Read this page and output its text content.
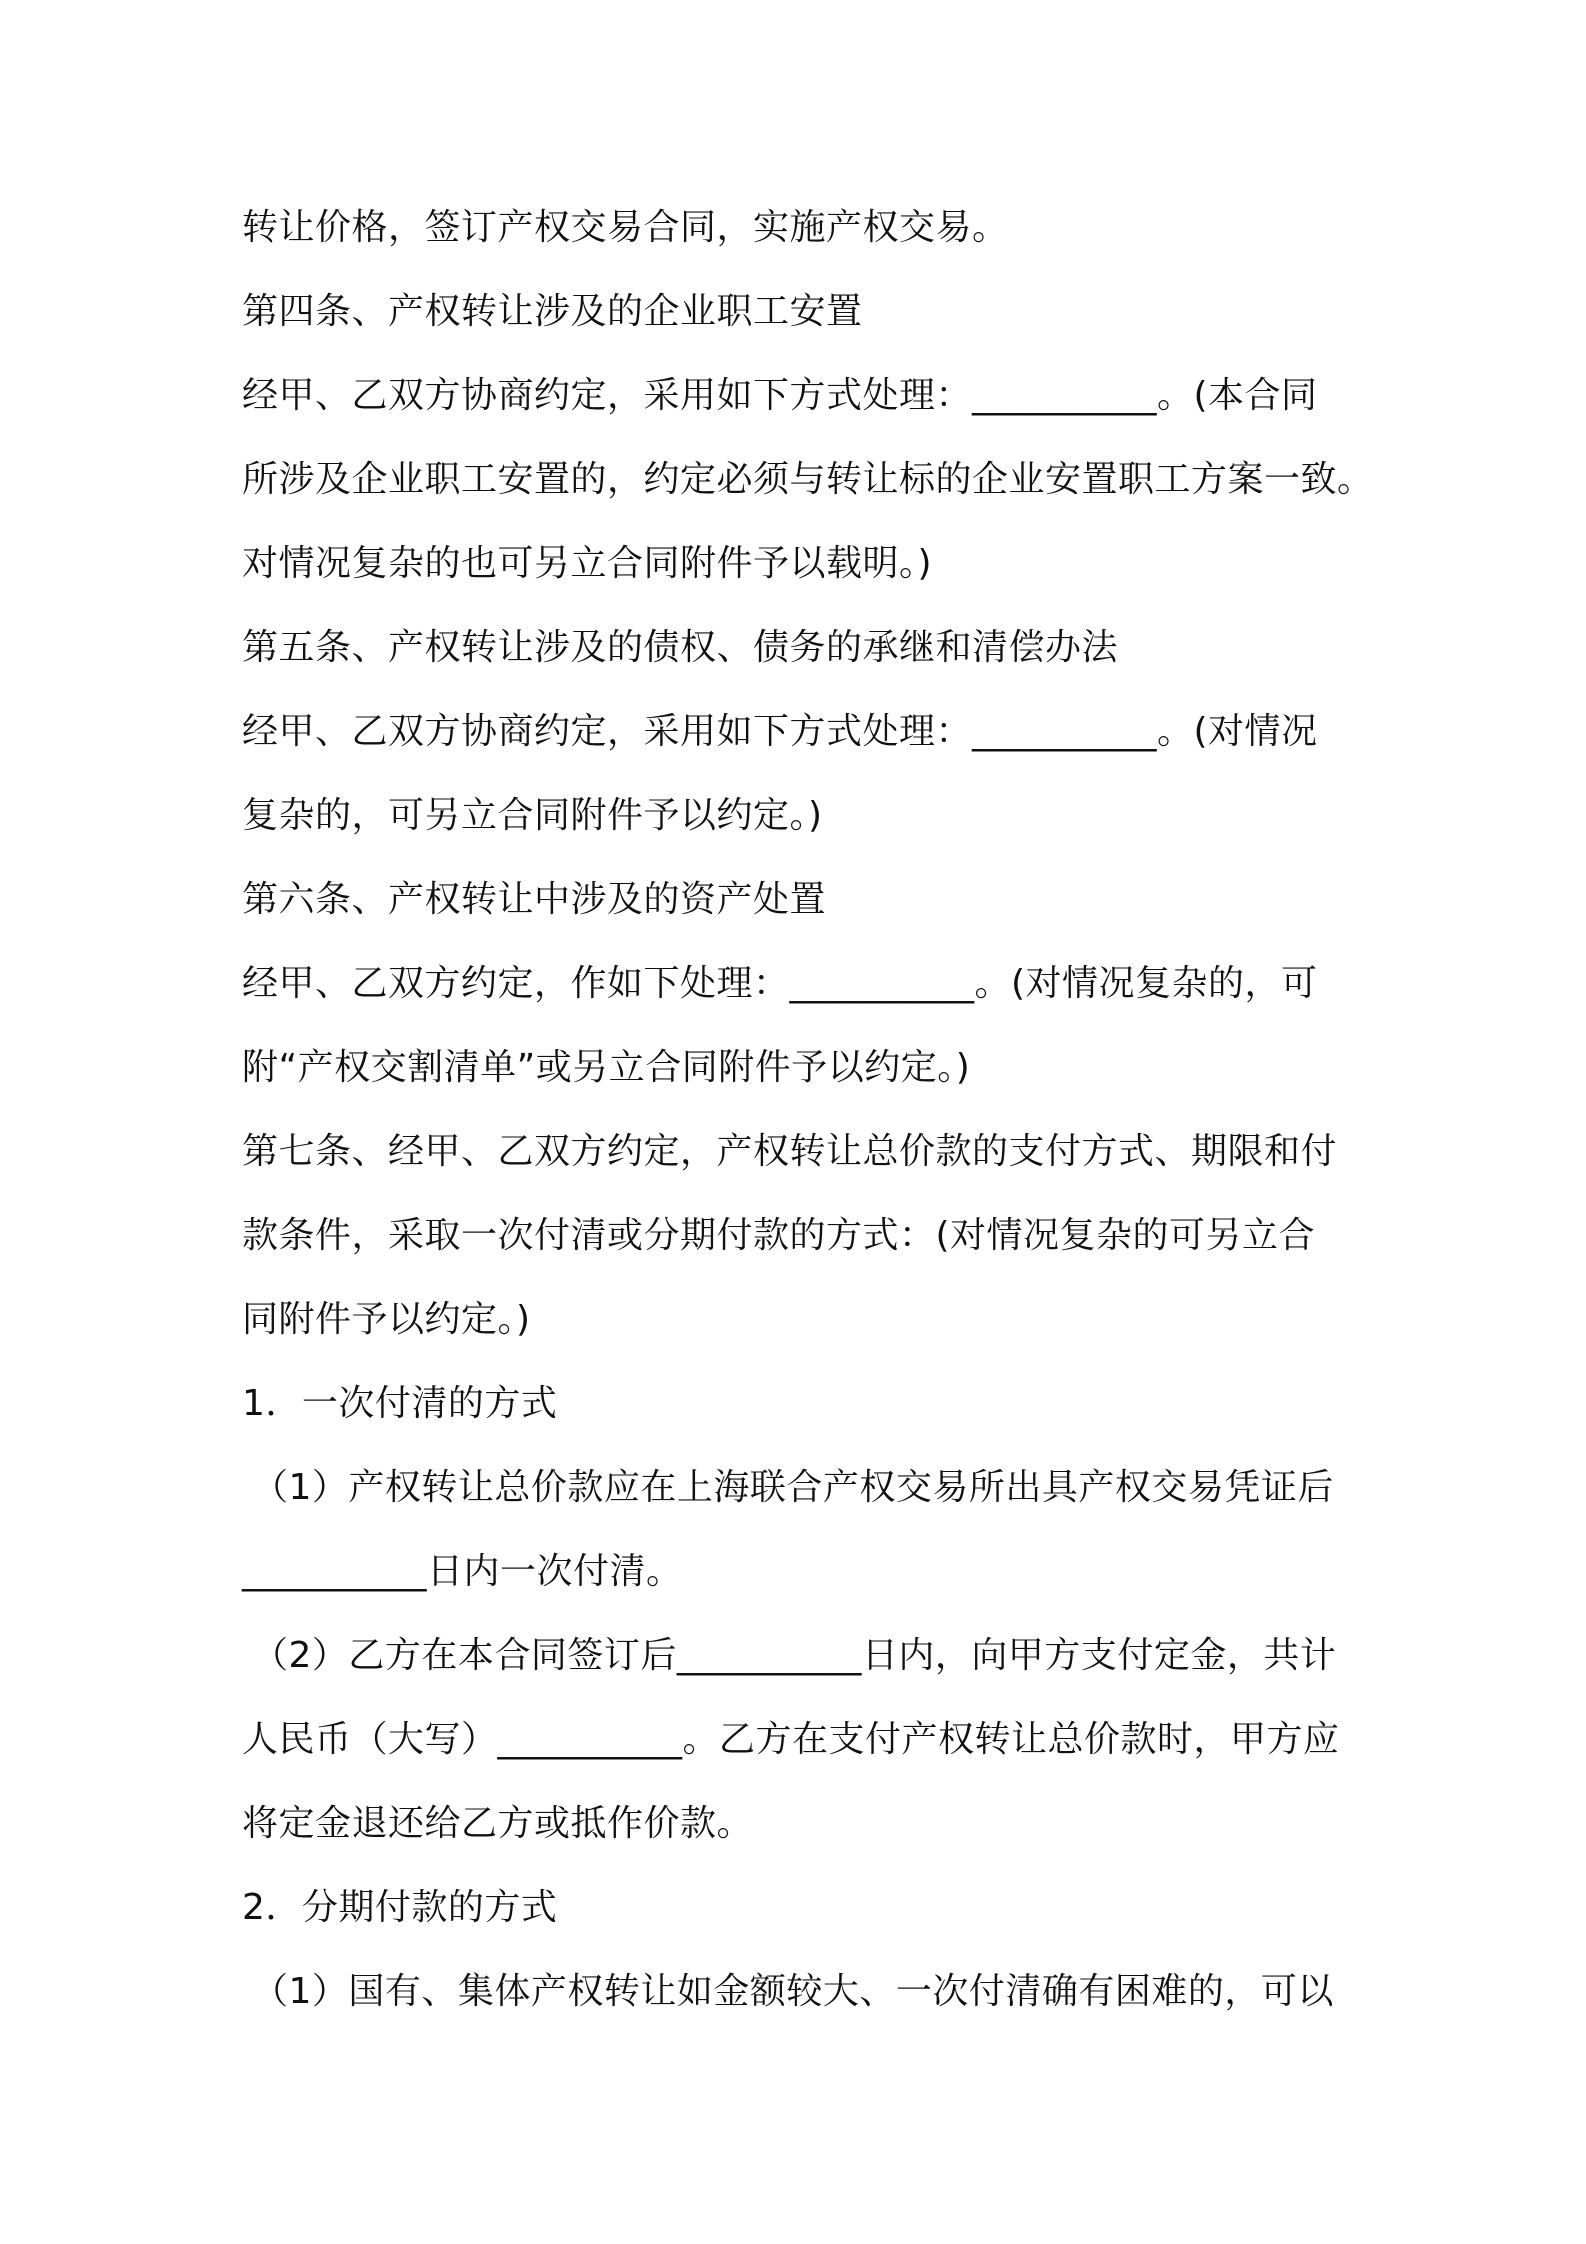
转让价格，签订产权交易合同，实施产权交易。
第四条、产权转让涉及的企业职工安置
经甲、乙双方协商约定，采用如下方式处理：__________。(本合同
所涉及企业职工安置的，约定必须与转让标的企业安置职工方案一致。
对情况复杂的也可另立合同附件予以载明。)
第五条、产权转让涉及的债权、债务的承继和清偿办法
经甲、乙双方协商约定，采用如下方式处理：__________。(对情况
复杂的，可另立合同附件予以约定。)
第六条、产权转让中涉及的资产处置
经甲、乙双方约定，作如下处理：__________。(对情况复杂的，可
附“产权交割清单”或另立合同附件予以约定。)
第七条、经甲、乙双方约定，产权转让总价款的支付方式、期限和付
款条件，采取一次付清或分期付款的方式：(对情况复杂的可另立合
同附件予以约定。)
1．一次付清的方式
（1）产权转让总价款应在上海联合产权交易所出具产权交易凭证后
__________日内一次付清。
（2）乙方在本合同签订后__________日内，向甲方支付定金，共计
人民币（大写）__________。乙方在支付产权转让总价款时，甲方应
将定金退还给乙方或抵作价款。
2．分期付款的方式
（1）国有、集体产权转让如金额较大、一次付清确有困难的，可以
